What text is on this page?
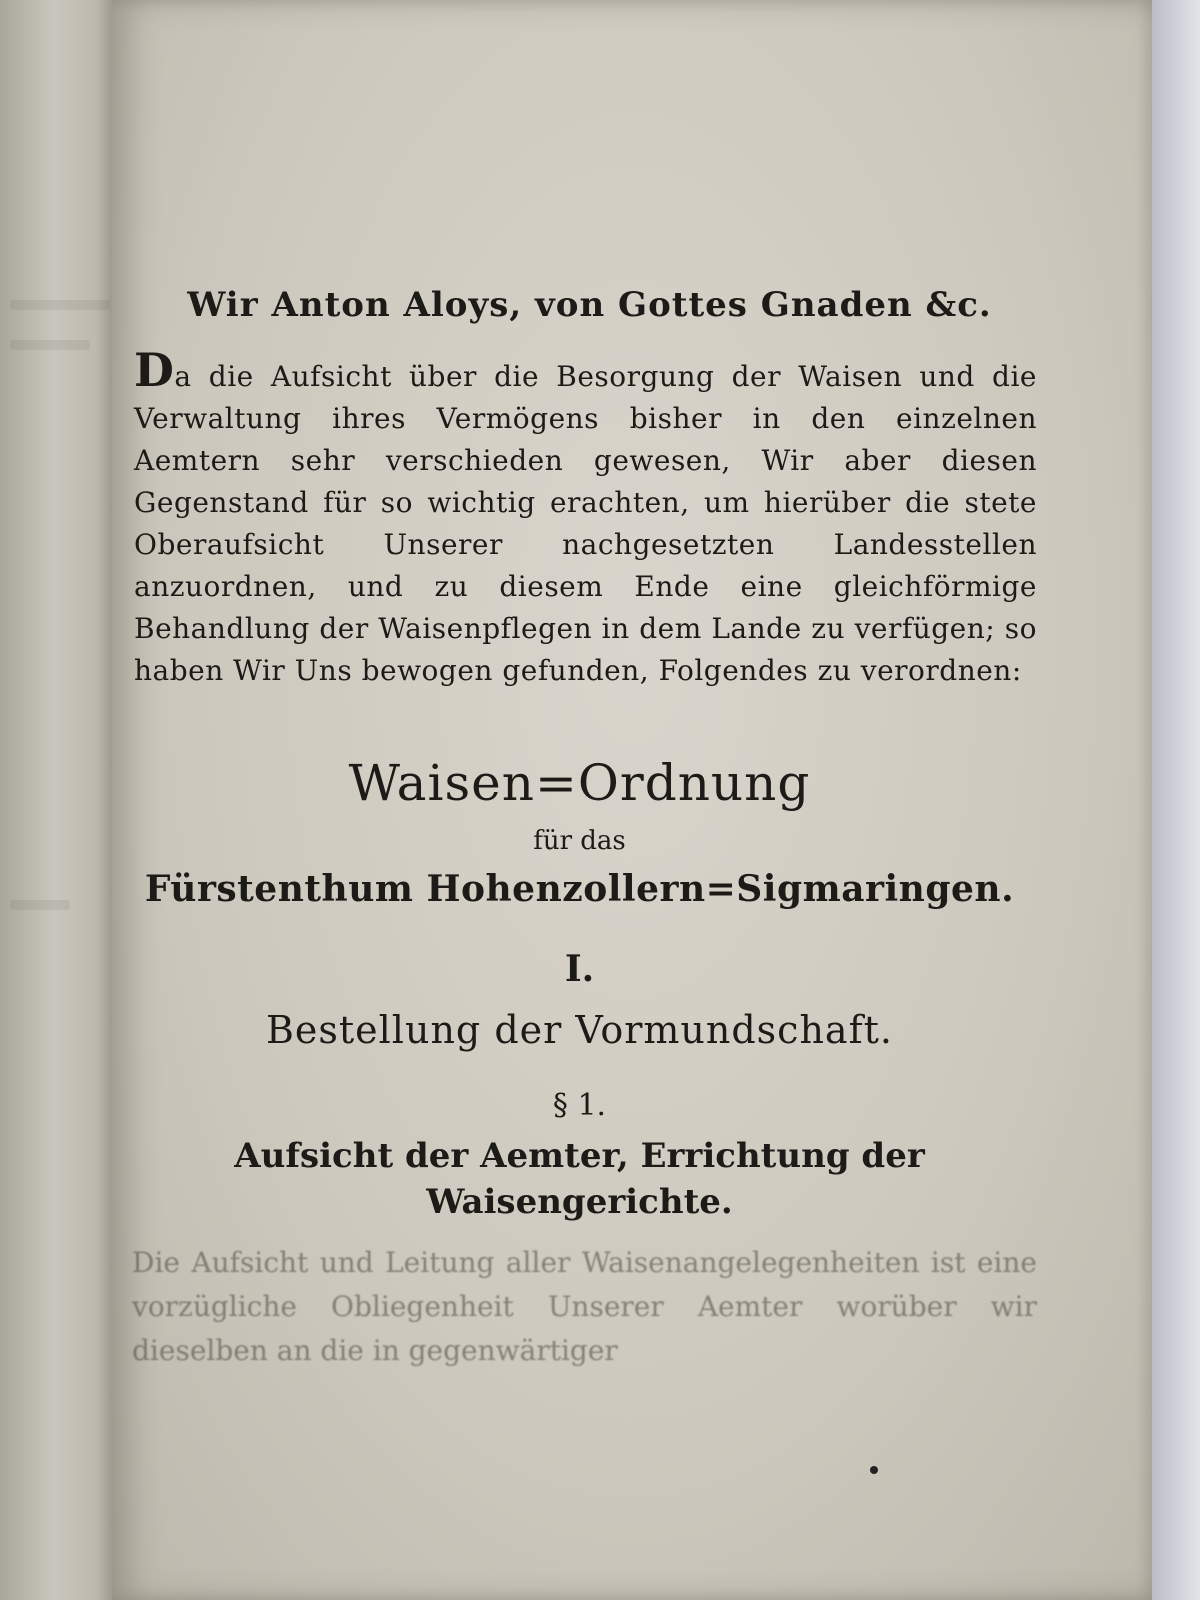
Wir Anton Aloys, von Gottes Gnaden &c.
Da die Aufsicht über die Besorgung der Waisen und die Verwaltung ihres Vermögens bisher in den einzelnen Aemtern sehr verschieden gewesen, Wir aber diesen Gegenstand für so wichtig erachten, um hierüber die stete Oberaufsicht Unserer nachgesetzten Landesstellen anzuordnen, und zu diesem Ende eine gleichförmige Behandlung der Waisenpflegen in dem Lande zu verfügen; so haben Wir Uns bewogen gefunden, Folgendes zu verordnen:
Waisen=Ordnung
für das
Fürstenthum Hohenzollern=Sigmaringen.
I.
Bestellung der Vormundschaft.
§ 1.
Aufsicht der Aemter, Errichtung der Waisengerichte.
Die Aufsicht und Leitung aller Waisenangelegenheiten ist eine vorzügliche Obliegenheit Unserer Aemter worüber wir dieselben an die in gegenwärtiger
